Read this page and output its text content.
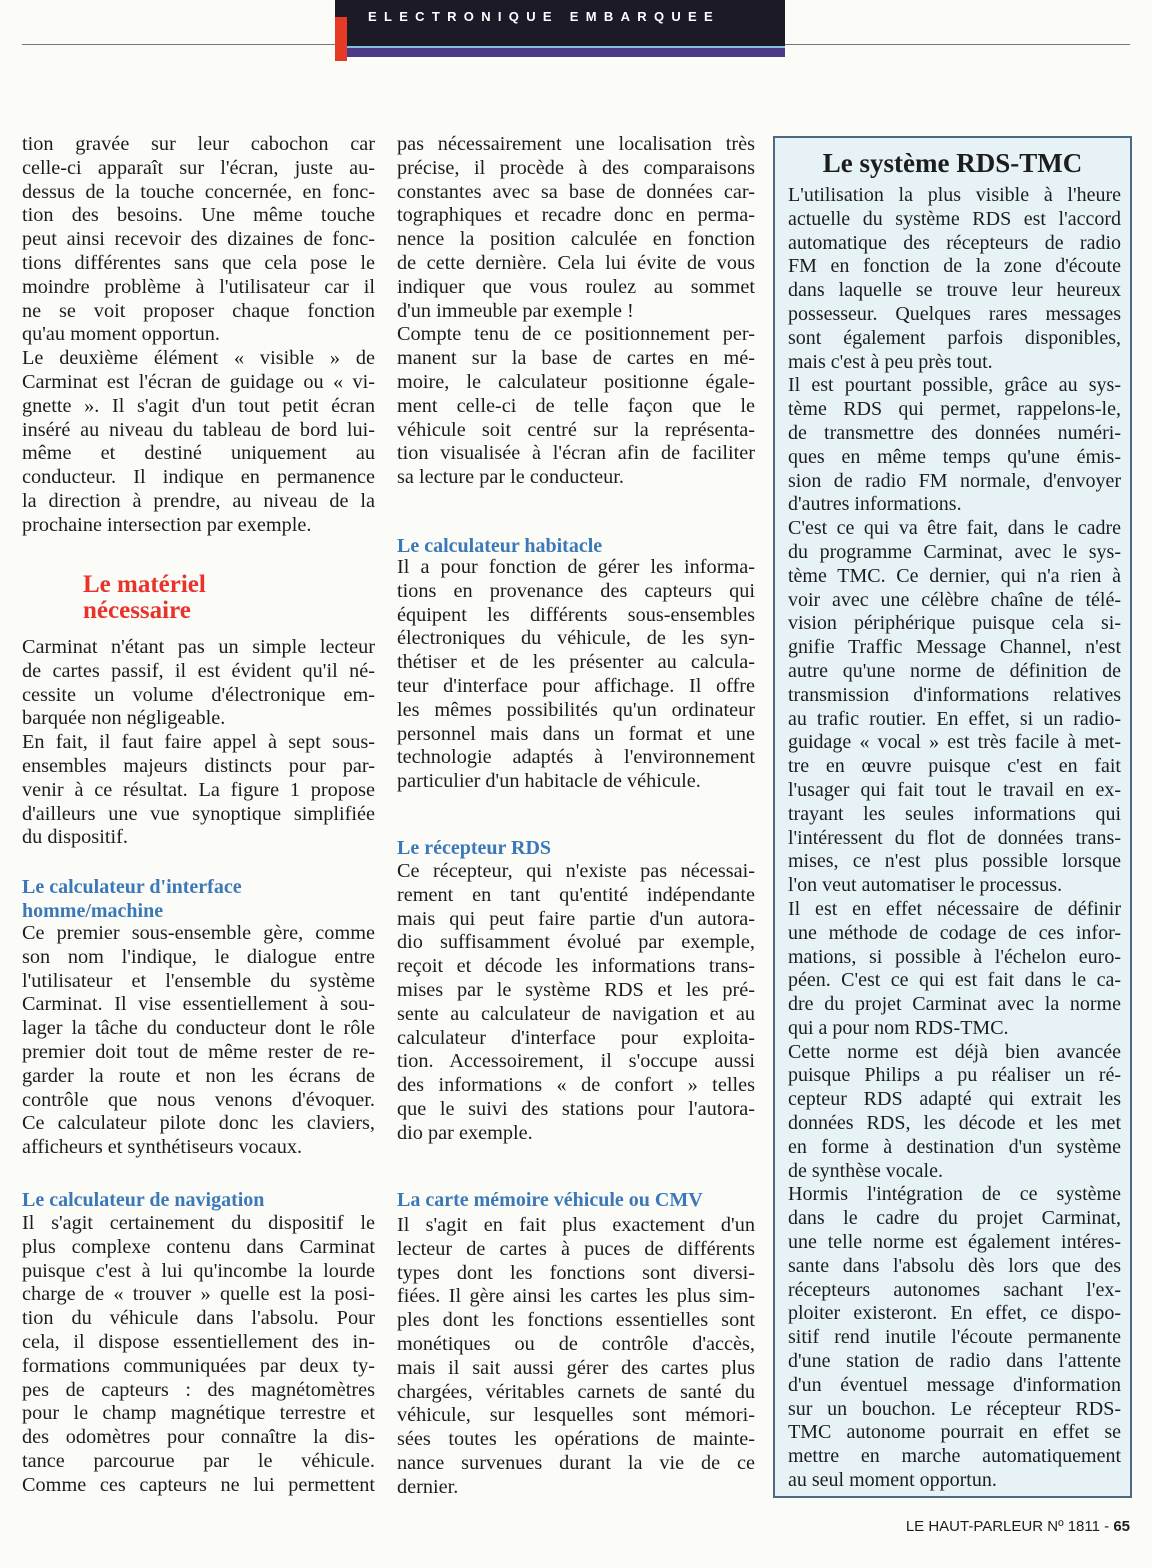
ELECTRONIQUE EMBARQUEE
tion gravée sur leur cabochon car
celle-ci apparaît sur l'écran, juste au-
dessus de la touche concernée, en fonc-
tion des besoins. Une même touche
peut ainsi recevoir des dizaines de fonc-
tions différentes sans que cela pose le
moindre problème à l'utilisateur car il
ne se voit proposer chaque fonction
qu'au moment opportun.
Le deuxième élément « visible » de
Carminat est l'écran de guidage ou « vi-
gnette ». Il s'agit d'un tout petit écran
inséré au niveau du tableau de bord lui-
même et destiné uniquement au
conducteur. Il indique en permanence
la direction à prendre, au niveau de la
prochaine intersection par exemple.
Le matériel
nécessaire
Carminat n'étant pas un simple lecteur
de cartes passif, il est évident qu'il né-
cessite un volume d'électronique em-
barquée non négligeable.
En fait, il faut faire appel à sept sous-
ensembles majeurs distincts pour par-
venir à ce résultat. La figure 1 propose
d'ailleurs une vue synoptique simplifiée
du dispositif.
Le calculateur d'interface
homme/machine
Ce premier sous-ensemble gère, comme
son nom l'indique, le dialogue entre
l'utilisateur et l'ensemble du système
Carminat. Il vise essentiellement à sou-
lager la tâche du conducteur dont le rôle
premier doit tout de même rester de re-
garder la route et non les écrans de
contrôle que nous venons d'évoquer.
Ce calculateur pilote donc les claviers,
afficheurs et synthétiseurs vocaux.
Le calculateur de navigation
Il s'agit certainement du dispositif le
plus complexe contenu dans Carminat
puisque c'est à lui qu'incombe la lourde
charge de « trouver » quelle est la posi-
tion du véhicule dans l'absolu. Pour
cela, il dispose essentiellement des in-
formations communiquées par deux ty-
pes de capteurs : des magnétomètres
pour le champ magnétique terrestre et
des odomètres pour connaître la dis-
tance parcourue par le véhicule.
Comme ces capteurs ne lui permettent
pas nécessairement une localisation très
précise, il procède à des comparaisons
constantes avec sa base de données car-
tographiques et recadre donc en perma-
nence la position calculée en fonction
de cette dernière. Cela lui évite de vous
indiquer que vous roulez au sommet
d'un immeuble par exemple !
Compte tenu de ce positionnement per-
manent sur la base de cartes en mé-
moire, le calculateur positionne égale-
ment celle-ci de telle façon que le
véhicule soit centré sur la représenta-
tion visualisée à l'écran afin de faciliter
sa lecture par le conducteur.
Le calculateur habitacle
Il a pour fonction de gérer les informa-
tions en provenance des capteurs qui
équipent les différents sous-ensembles
électroniques du véhicule, de les syn-
thétiser et de les présenter au calcula-
teur d'interface pour affichage. Il offre
les mêmes possibilités qu'un ordinateur
personnel mais dans un format et une
technologie adaptés à l'environnement
particulier d'un habitacle de véhicule.
Le récepteur RDS
Ce récepteur, qui n'existe pas nécessai-
rement en tant qu'entité indépendante
mais qui peut faire partie d'un autora-
dio suffisamment évolué par exemple,
reçoit et décode les informations trans-
mises par le système RDS et les pré-
sente au calculateur de navigation et au
calculateur d'interface pour exploita-
tion. Accessoirement, il s'occupe aussi
des informations « de confort » telles
que le suivi des stations pour l'autora-
dio par exemple.
La carte mémoire véhicule ou CMV
Il s'agit en fait plus exactement d'un
lecteur de cartes à puces de différents
types dont les fonctions sont diversi-
fiées. Il gère ainsi les cartes les plus sim-
ples dont les fonctions essentielles sont
monétiques ou de contrôle d'accès,
mais il sait aussi gérer des cartes plus
chargées, véritables carnets de santé du
véhicule, sur lesquelles sont mémori-
sées toutes les opérations de mainte-
nance survenues durant la vie de ce
dernier.
Le système RDS-TMC
L'utilisation la plus visible à l'heure
actuelle du système RDS est l'accord
automatique des récepteurs de radio
FM en fonction de la zone d'écoute
dans laquelle se trouve leur heureux
possesseur. Quelques rares messages
sont également parfois disponibles,
mais c'est à peu près tout.
Il est pourtant possible, grâce au sys-
tème RDS qui permet, rappelons-le,
de transmettre des données numéri-
ques en même temps qu'une émis-
sion de radio FM normale, d'envoyer
d'autres informations.
C'est ce qui va être fait, dans le cadre
du programme Carminat, avec le sys-
tème TMC. Ce dernier, qui n'a rien à
voir avec une célèbre chaîne de télé-
vision périphérique puisque cela si-
gnifie Traffic Message Channel, n'est
autre qu'une norme de définition de
transmission d'informations relatives
au trafic routier. En effet, si un radio-
guidage « vocal » est très facile à met-
tre en œuvre puisque c'est en fait
l'usager qui fait tout le travail en ex-
trayant les seules informations qui
l'intéressent du flot de données trans-
mises, ce n'est plus possible lorsque
l'on veut automatiser le processus.
Il est en effet nécessaire de définir
une méthode de codage de ces infor-
mations, si possible à l'échelon euro-
péen. C'est ce qui est fait dans le ca-
dre du projet Carminat avec la norme
qui a pour nom RDS-TMC.
Cette norme est déjà bien avancée
puisque Philips a pu réaliser un ré-
cepteur RDS adapté qui extrait les
données RDS, les décode et les met
en forme à destination d'un système
de synthèse vocale.
Hormis l'intégration de ce système
dans le cadre du projet Carminat,
une telle norme est également intéres-
sante dans l'absolu dès lors que des
récepteurs autonomes sachant l'ex-
ploiter existeront. En effet, ce dispo-
sitif rend inutile l'écoute permanente
d'une station de radio dans l'attente
d'un éventuel message d'information
sur un bouchon. Le récepteur RDS-
TMC autonome pourrait en effet se
mettre en marche automatiquement
au seul moment opportun.
LE HAUT-PARLEUR Nº 1811 - 65
